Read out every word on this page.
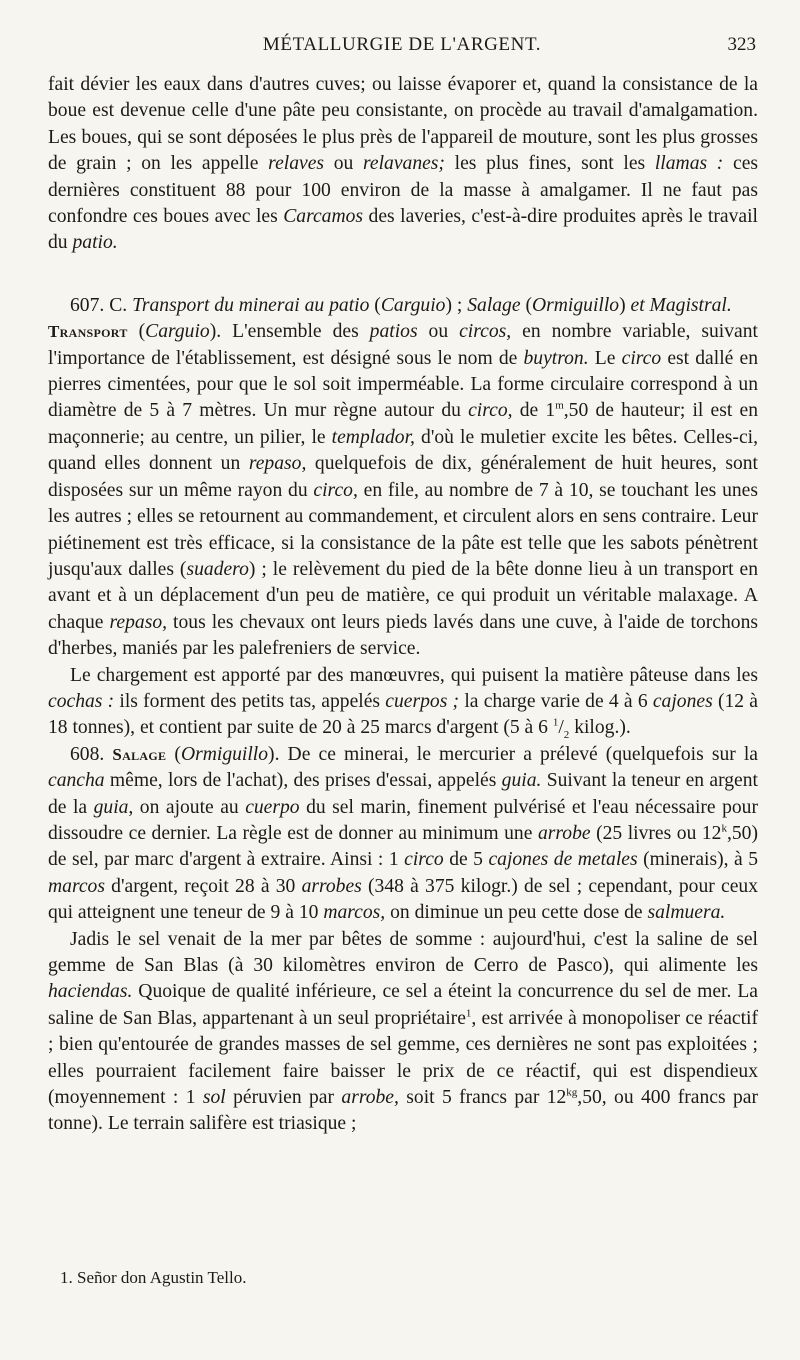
MÉTALLURGIE DE L'ARGENT.	323

fait dévier les eaux dans d'autres cuves; ou laisse évaporer et, quand la consistance de la boue est devenue celle d'une pâte peu consistante, on procède au travail d'amalgamation. Les boues, qui se sont déposées le plus près de l'appareil de mouture, sont les plus grosses de grain ; on les appelle relaves ou relavanes; les plus fines, sont les llamas : ces dernières constituent 88 pour 100 environ de la masse à amalgamer. Il ne faut pas confondre ces boues avec les Carcamos des laveries, c'est-à-dire produites après le travail du patio.

607. C. Transport du minerai au patio (Carguio) ; Salage (Ormiguillo) et Magistral.

Transport (Carguio). L'ensemble des patios ou circos, en nombre variable, suivant l'importance de l'établissement, est désigné sous le nom de buytron. Le circo est dallé en pierres cimentées, pour que le sol soit imperméable. La forme circulaire correspond à un diamètre de 5 à 7 mètres. Un mur règne autour du circo, de 1$^m$,50 de hauteur; il est en maçonnerie; au centre, un pilier, le templador, d'où le muletier excite les bêtes. Celles-ci, quand elles donnent un repaso, quelquefois de dix, généralement de huit heures, sont disposées sur un même rayon du circo, en file, au nombre de 7 à 10, se touchant les unes les autres ; elles se retournent au commandement, et circulent alors en sens contraire. Leur piétinement est très efficace, si la consistance de la pâte est telle que les sabots pénètrent jusqu'aux dalles (suadero) ; le relèvement du pied de la bête donne lieu à un transport en avant et à un déplacement d'un peu de matière, ce qui produit un véritable malaxage. A chaque repaso, tous les chevaux ont leurs pieds lavés dans une cuve, à l'aide de torchons d'herbes, maniés par les palefreniers de service.

Le chargement est apporté par des manœuvres, qui puisent la matière pâteuse dans les cochas : ils forment des petits tas, appelés cuerpos ; la charge varie de 4 à 6 cajones (12 à 18 tonnes), et contient par suite de 20 à 25 marcs d'argent (5 à 6 $^1/_2$ kilog.).

608. Salage (Ormiguillo). De ce minerai, le mercurier a prélevé (quelquefois sur la cancha même, lors de l'achat), des prises d'essai, appelés guia. Suivant la teneur en argent de la guia, on ajoute au cuerpo du sel marin, finement pulvérisé et l'eau nécessaire pour dissoudre ce dernier. La règle est de donner au minimum une arrobe (25 livres ou 12$^k$,50) de sel, par marc d'argent à extraire. Ainsi : 1 circo de 5 cajones de metales (minerais), à 5 marcos d'argent, reçoit 28 à 30 arrobes (348 à 375 kilogr.) de sel ; cependant, pour ceux qui atteignent une teneur de 9 à 10 marcos, on diminue un peu cette dose de salmuera.

Jadis le sel venait de la mer par bêtes de somme : aujourd'hui, c'est la saline de sel gemme de San Blas (à 30 kilomètres environ de Cerro de Pasco), qui alimente les haciendas. Quoique de qualité inférieure, ce sel a éteint la concurrence du sel de mer. La saline de San Blas, appartenant à un seul propriétaire$^1$, est arrivée à monopoliser ce réactif ; bien qu'entourée de grandes masses de sel gemme, ces dernières ne sont pas exploitées ; elles pourraient facilement faire baisser le prix de ce réactif, qui est dispendieux (moyennement : 1 sol péruvien par arrobe, soit 5 francs par $12^{kg},50$, ou 400 francs par tonne). Le terrain salifère est triasique ;

1. Señor don Agustin Tello.
